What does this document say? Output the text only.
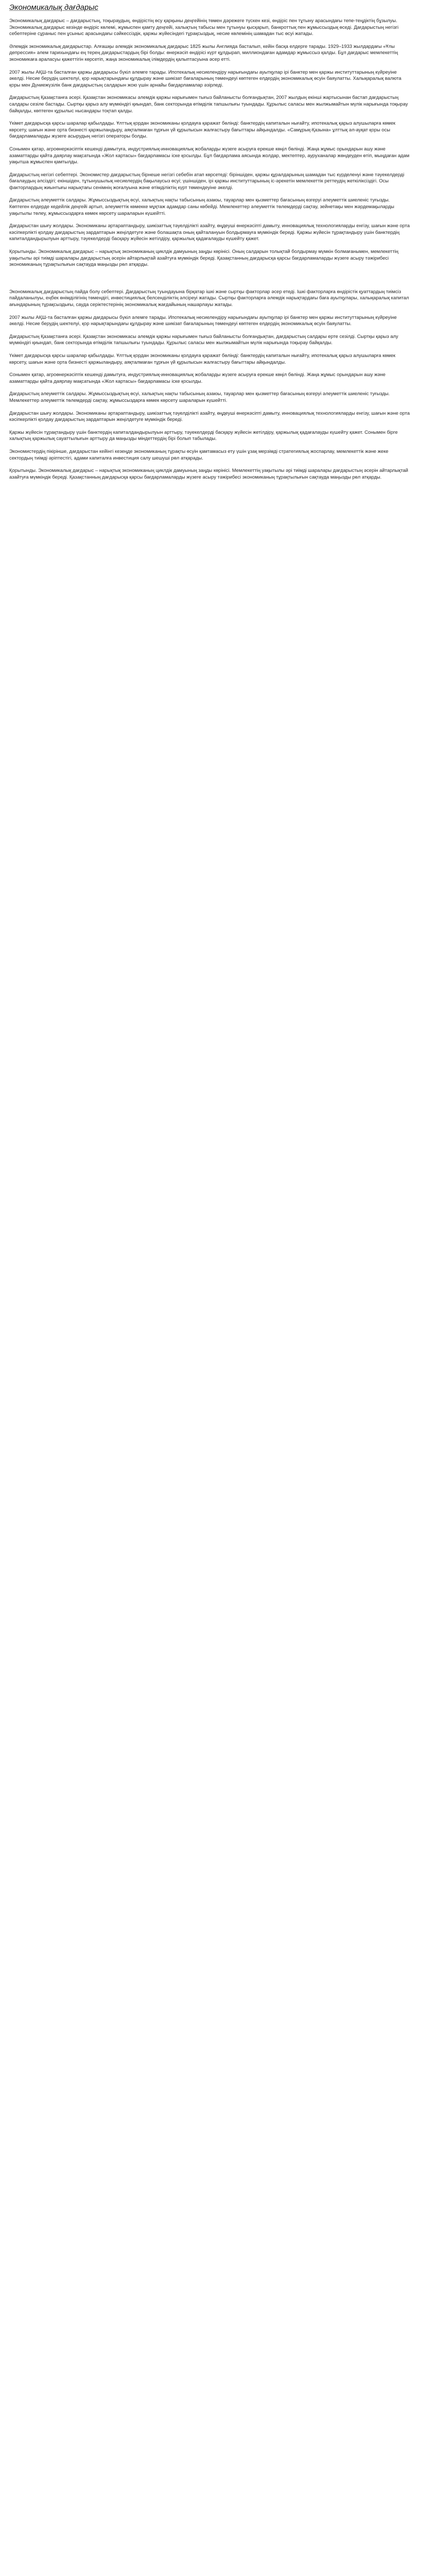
Экономикалық дағдарыс

Экономикалық дағдарыс – дағдарыстың, тоқыраудың, өндірістің өсу қарқыны деңгейінің төмен дәрежеге түскен кезі, өндіріс пен тұтыну арасындағы тепе-теңдіктің бұзылуы. Экономикалық дағдарыс кезінде өндіріс көлемі, жұмыспен қамту деңгейі, халықтың табысы мен тұтынуы қысқарып, банкроттық пен жұмыссыздық өседі. Дағдарыстың негізгі себептеріне сұраныс пен ұсыныс арасындағы сәйкессіздік, қаржы жүйесіндегі тұрақсыздық, несие көлемінің шамадан тыс өсуі жатады.

Әлемдік экономикалық дағдарыстар. Алғашқы әлемдік экономикалық дағдарыс 1825 жылы Англияда басталып, кейін басқа елдерге тарады. 1929–1933 жылдардағы «Ұлы депрессия» әлем тарихындағы ең терең дағдарыстардың бірі болды: өнеркәсіп өндірісі күрт құлдырап, миллиондаған адамдар жұмыссыз қалды. Бұл дағдарыс мемлекеттің экономикаға араласуы қажеттігін көрсетіп, жаңа экономикалық ілімдердің қалыптасуына әсер етті.

2007 жылы АҚШ-та басталған қаржы дағдарысы бүкіл әлемге тарады. Ипотекалық несиелендіру нарығындағы ауытқулар ірі банктер мен қаржы институттарының күйреуіне әкелді. Несие берудің шектелуі, қор нарықтарындағы құлдырау және шикізат бағаларының төмендеуі көптеген елдердің экономикалық өсуін баяулатты. Халықаралық валюта қоры мен Дүниежүзілік банк дағдарыстың салдарын жою үшін арнайы бағдарламалар әзірледі.

Дағдарыстың Қазақстанға әсері. Қазақстан экономикасы әлемдік қаржы нарығымен тығыз байланысты болғандықтан, 2007 жылдың екінші жартысынан бастап дағдарыстың салдары сезіле бастады. Сыртқы қарыз алу мүмкіндігі қиындап, банк секторында өтімділік тапшылығы туындады. Құрылыс саласы мен жылжымайтын мүлік нарығында тоқырау байқалды, көптеген құрылыс нысандары тоқтап қалды.

Үкімет дағдарысқа қарсы шаралар қабылдады. Ұлттық қордан экономиканы қолдауға қаражат бөлінді: банктердің капиталын нығайту, ипотекалық қарыз алушыларға көмек көрсету, шағын және орта бизнесті қаржыландыру, аяқталмаған тұрғын үй құрылысын жалғастыру бағыттары айқындалды. «Самұрық-Қазына» ұлттық әл-ауқат қоры осы бағдарламаларды жүзеге асырудың негізгі операторы болды.

Сонымен қатар, агроөнеркәсіптік кешенді дамытуға, индустриялық-инновациялық жобаларды жүзеге асыруға ерекше көңіл бөлінді. Жаңа жұмыс орындарын ашу және азаматтарды қайта даярлау мақсатында «Жол картасы» бағдарламасы іске қосылды. Бұл бағдарлама аясында жолдар, мектептер, ауруханалар жөндеуден өтіп, мыңдаған адам уақытша жұмыспен қамтылды.

Дағдарыстың негізгі себептері. Экономистер дағдарыстың бірнеше негізгі себебін атап көрсетеді: біріншіден, қаржы құралдарының шамадан тыс күрделенуі және тәуекелдерді бағалаудың әлсіздігі; екіншіден, тұтынушылық несиелердің бақылаусыз өсуі; үшіншіден, ірі қаржы институттарының іс-әрекетін мемлекеттік реттеудің жеткіліксіздігі. Осы факторлардың жиынтығы нарықтағы сенімнің жоғалуына және өтімділіктің күрт төмендеуіне әкелді.

Дағдарыстың әлеуметтік салдары. Жұмыссыздықтың өсуі, халықтың нақты табысының азаюы, тауарлар мен қызметтер бағасының өзгеруі әлеуметтік шиеленіс туғызды. Көптеген елдерде кедейлік деңгейі артып, әлеуметтік көмекке мұқтаж адамдар саны көбейді. Мемлекеттер әлеуметтік төлемдерді сақтау, зейнетақы мен жәрдемақыларды уақытылы төлеу, жұмыссыздарға көмек көрсету шараларын күшейтті.

Дағдарыстан шығу жолдары. Экономиканы әртараптандыру, шикізаттық тәуелділікті азайту, өңдеуші өнеркәсіпті дамыту, инновациялық технологияларды енгізу, шағын және орта кәсіпкерлікті қолдау дағдарыстың зардаптарын жеңілдетуге және болашақта оның қайталануын болдырмауға мүмкіндік береді. Қаржы жүйесін тұрақтандыру үшін банктердің капиталдандырылуын арттыру, тәуекелдерді басқару жүйесін жетілдіру, қаржылық қадағалауды күшейту қажет.

Қорытынды. Экономикалық дағдарыс – нарықтық экономиканың циклдік дамуының заңды көрінісі. Оның салдарын толықтай болдырмау мүмкін болмағанымен, мемлекеттің уақытылы әрі тиімді шаралары дағдарыстың әсерін айтарлықтай азайтуға мүмкіндік береді. Қазақстанның дағдарысқа қарсы бағдарламаларды жүзеге асыру тәжірибесі экономиканың тұрақтылығын сақтауда маңызды рөл атқарды.

Экономикалық дағдарыстың пайда болу себептері. Дағдарыстың туындауына бірқатар ішкі және сыртқы факторлар әсер етеді. Ішкі факторларға өндірістік қуаттардың тиімсіз пайдаланылуы, еңбек өнімділігінің төмендігі, инвестициялық белсенділіктің әлсіреуі жатады. Сыртқы факторларға әлемдік нарықтардағы баға ауытқулары, халықаралық капитал ағындарының тұрақсыздығы, сауда серіктестерінің экономикалық жағдайының нашарлауы жатады.

2007 жылы АҚШ-та басталған қаржы дағдарысы бүкіл әлемге тарады. Ипотекалық несиелендіру нарығындағы ауытқулар ірі банктер мен қаржы институттарының күйреуіне әкелді. Несие берудің шектелуі, қор нарықтарындағы құлдырау және шикізат бағаларының төмендеуі көптеген елдердің экономикалық өсуін баяулатты.

Дағдарыстың Қазақстанға әсері. Қазақстан экономикасы әлемдік қаржы нарығымен тығыз байланысты болғандықтан, дағдарыстың салдары ерте сезілді. Сыртқы қарыз алу мүмкіндігі қиындап, банк секторында өтімділік тапшылығы туындады. Құрылыс саласы мен жылжымайтын мүлік нарығында тоқырау байқалды.

Үкімет дағдарысқа қарсы шаралар қабылдады. Ұлттық қордан экономиканы қолдауға қаражат бөлінді: банктердің капиталын нығайту, ипотекалық қарыз алушыларға көмек көрсету, шағын және орта бизнесті қаржыландыру, аяқталмаған тұрғын үй құрылысын жалғастыру бағыттары айқындалды.

Сонымен қатар, агроөнеркәсіптік кешенді дамытуға, индустриялық-инновациялық жобаларды жүзеге асыруға ерекше көңіл бөлінді. Жаңа жұмыс орындарын ашу және азаматтарды қайта даярлау мақсатында «Жол картасы» бағдарламасы іске қосылды.

Дағдарыстың әлеуметтік салдары. Жұмыссыздықтың өсуі, халықтың нақты табысының азаюы, тауарлар мен қызметтер бағасының өзгеруі әлеуметтік шиеленіс туғызды. Мемлекеттер әлеуметтік төлемдерді сақтау, жұмыссыздарға көмек көрсету шараларын күшейтті.

Дағдарыстан шығу жолдары. Экономиканы әртараптандыру, шикізаттық тәуелділікті азайту, өңдеуші өнеркәсіпті дамыту, инновациялық технологияларды енгізу, шағын және орта кәсіпкерлікті қолдау дағдарыстың зардаптарын жеңілдетуге мүмкіндік береді.

Қаржы жүйесін тұрақтандыру үшін банктердің капиталдандырылуын арттыру, тәуекелдерді басқару жүйесін жетілдіру, қаржылық қадағалауды күшейту қажет. Сонымен бірге халықтың қаржылық сауаттылығын арттыру да маңызды міндеттердің бірі болып табылады.

Экономистердің пікірінше, дағдарыстан кейінгі кезеңде экономиканың тұрақты өсуін қамтамасыз ету үшін ұзақ мерзімді стратегиялық жоспарлау, мемлекеттік және жеке сектордың тиімді әріптестігі, адами капиталға инвестиция салу шешуші рөл атқарады.

Қорытынды. Экономикалық дағдарыс – нарықтық экономиканың циклдік дамуының заңды көрінісі. Мемлекеттің уақытылы әрі тиімді шаралары дағдарыстың әсерін айтарлықтай азайтуға мүмкіндік береді. Қазақстанның дағдарысқа қарсы бағдарламаларды жүзеге асыру тәжірибесі экономиканың тұрақтылығын сақтауда маңызды рөл атқарды.
